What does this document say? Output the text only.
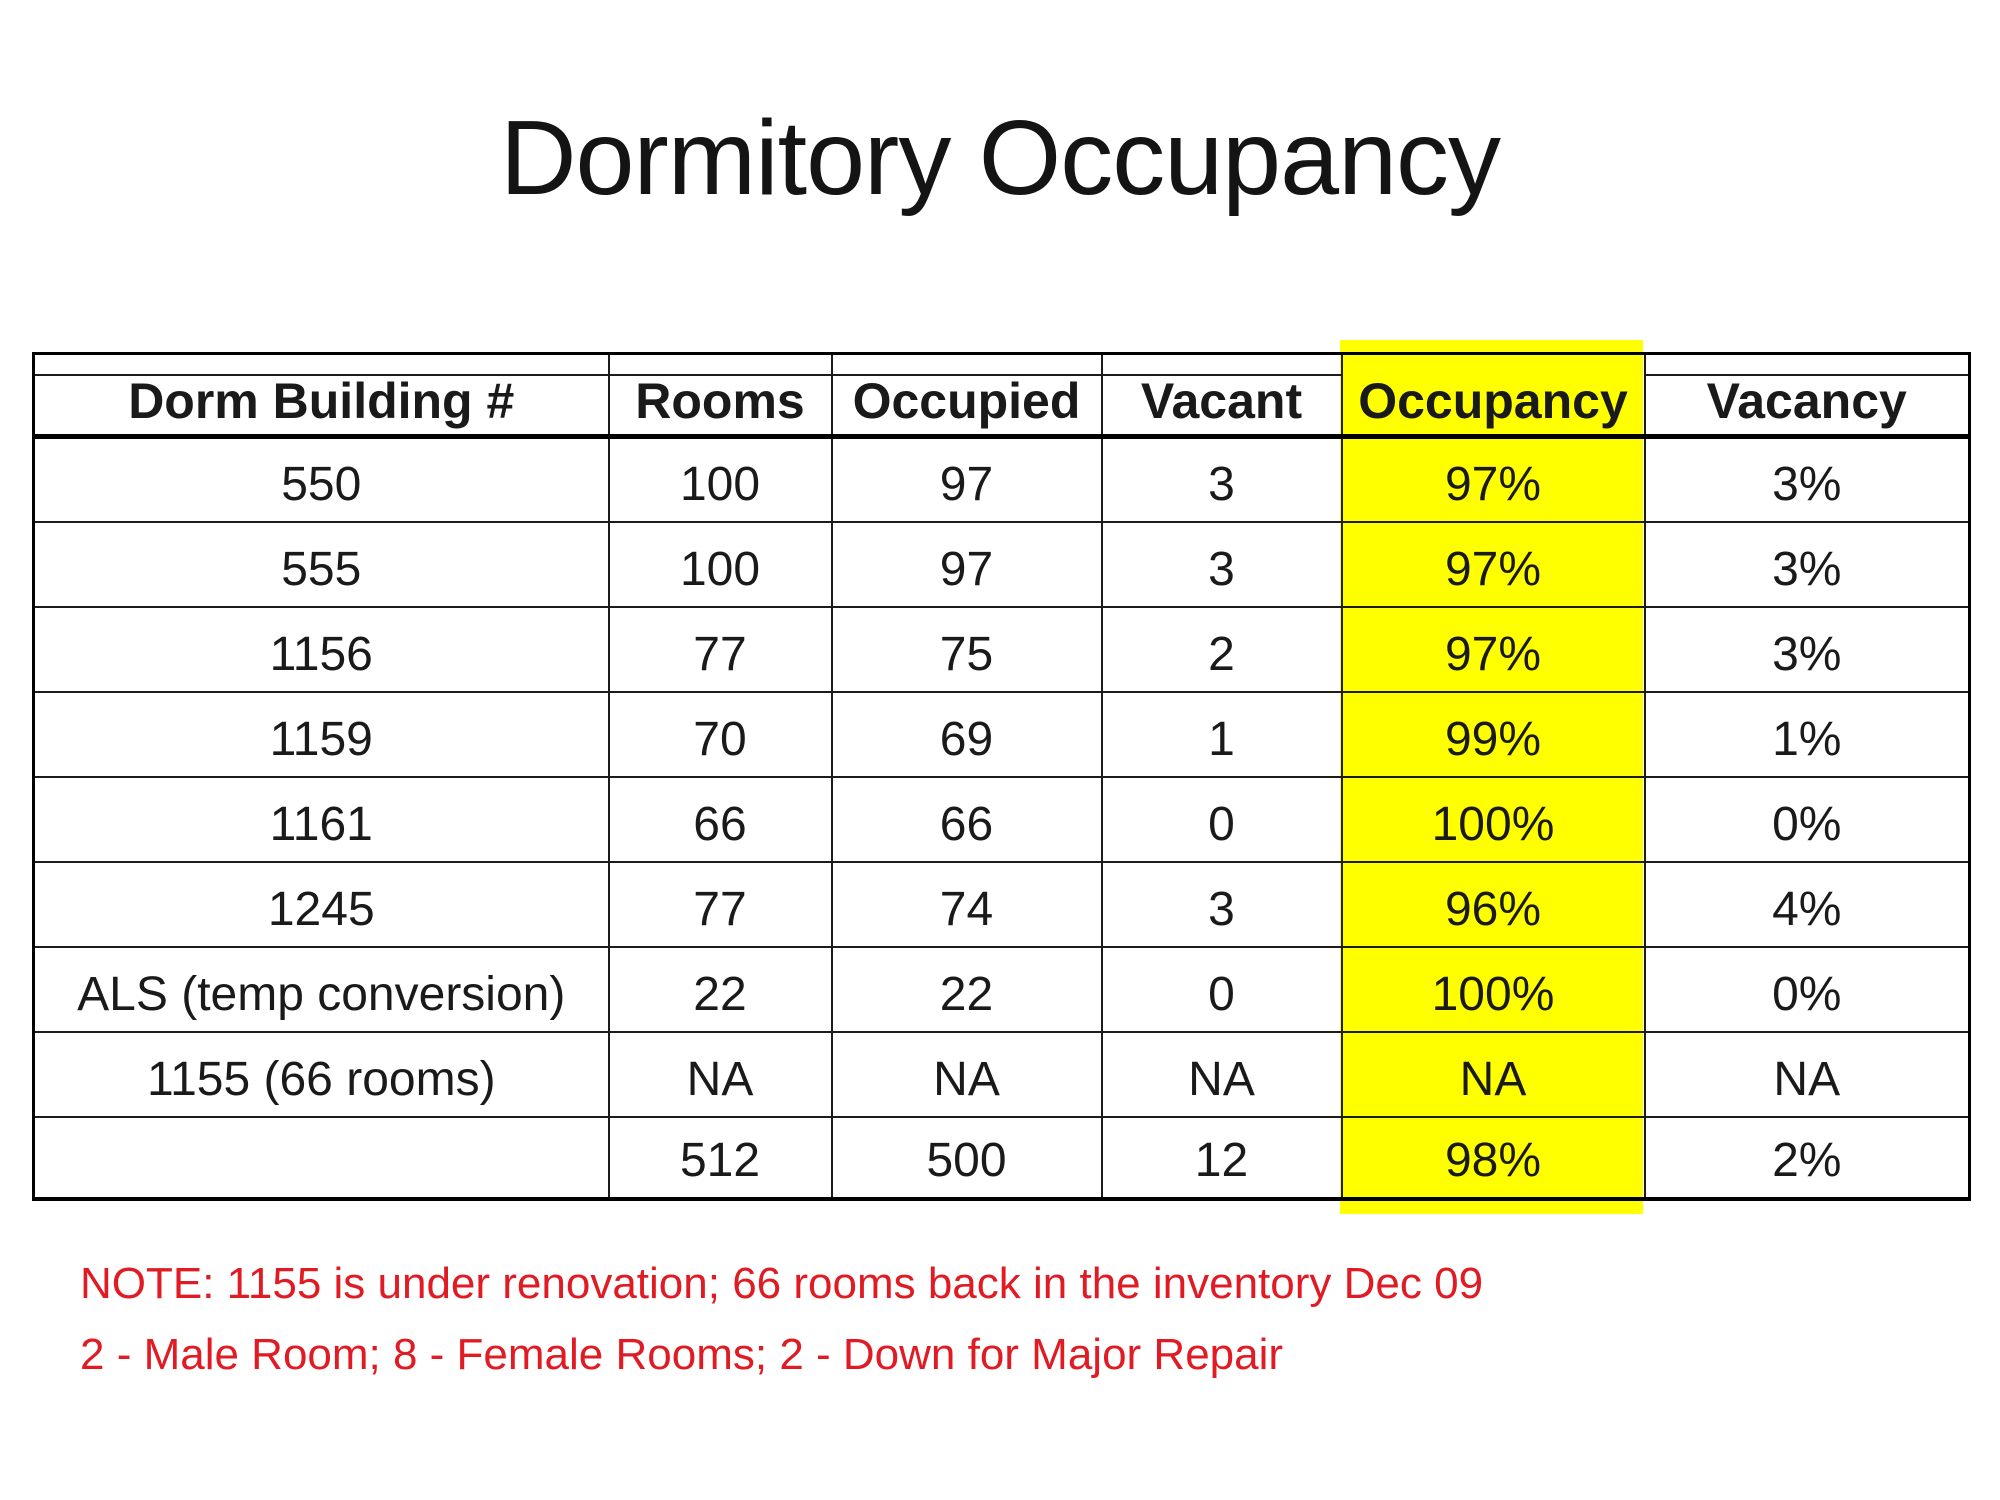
Dormitory Occupancy

Dorm Building #	Rooms	Occupied	Vacant	Occupancy	Vacancy
550	100	97	3	97%	3%
555	100	97	3	97%	3%
1156	77	75	2	97%	3%
1159	70	69	1	99%	1%
1161	66	66	0	100%	0%
1245	77	74	3	96%	4%
ALS (temp conversion)	22	22	0	100%	0%
1155 (66 rooms)	NA	NA	NA	NA	NA
	512	500	12	98%	2%
NOTE: 1155 is under renovation; 66 rooms back in the inventory Dec 09
2 - Male Room; 8 - Female Rooms; 2 - Down for Major Repair
